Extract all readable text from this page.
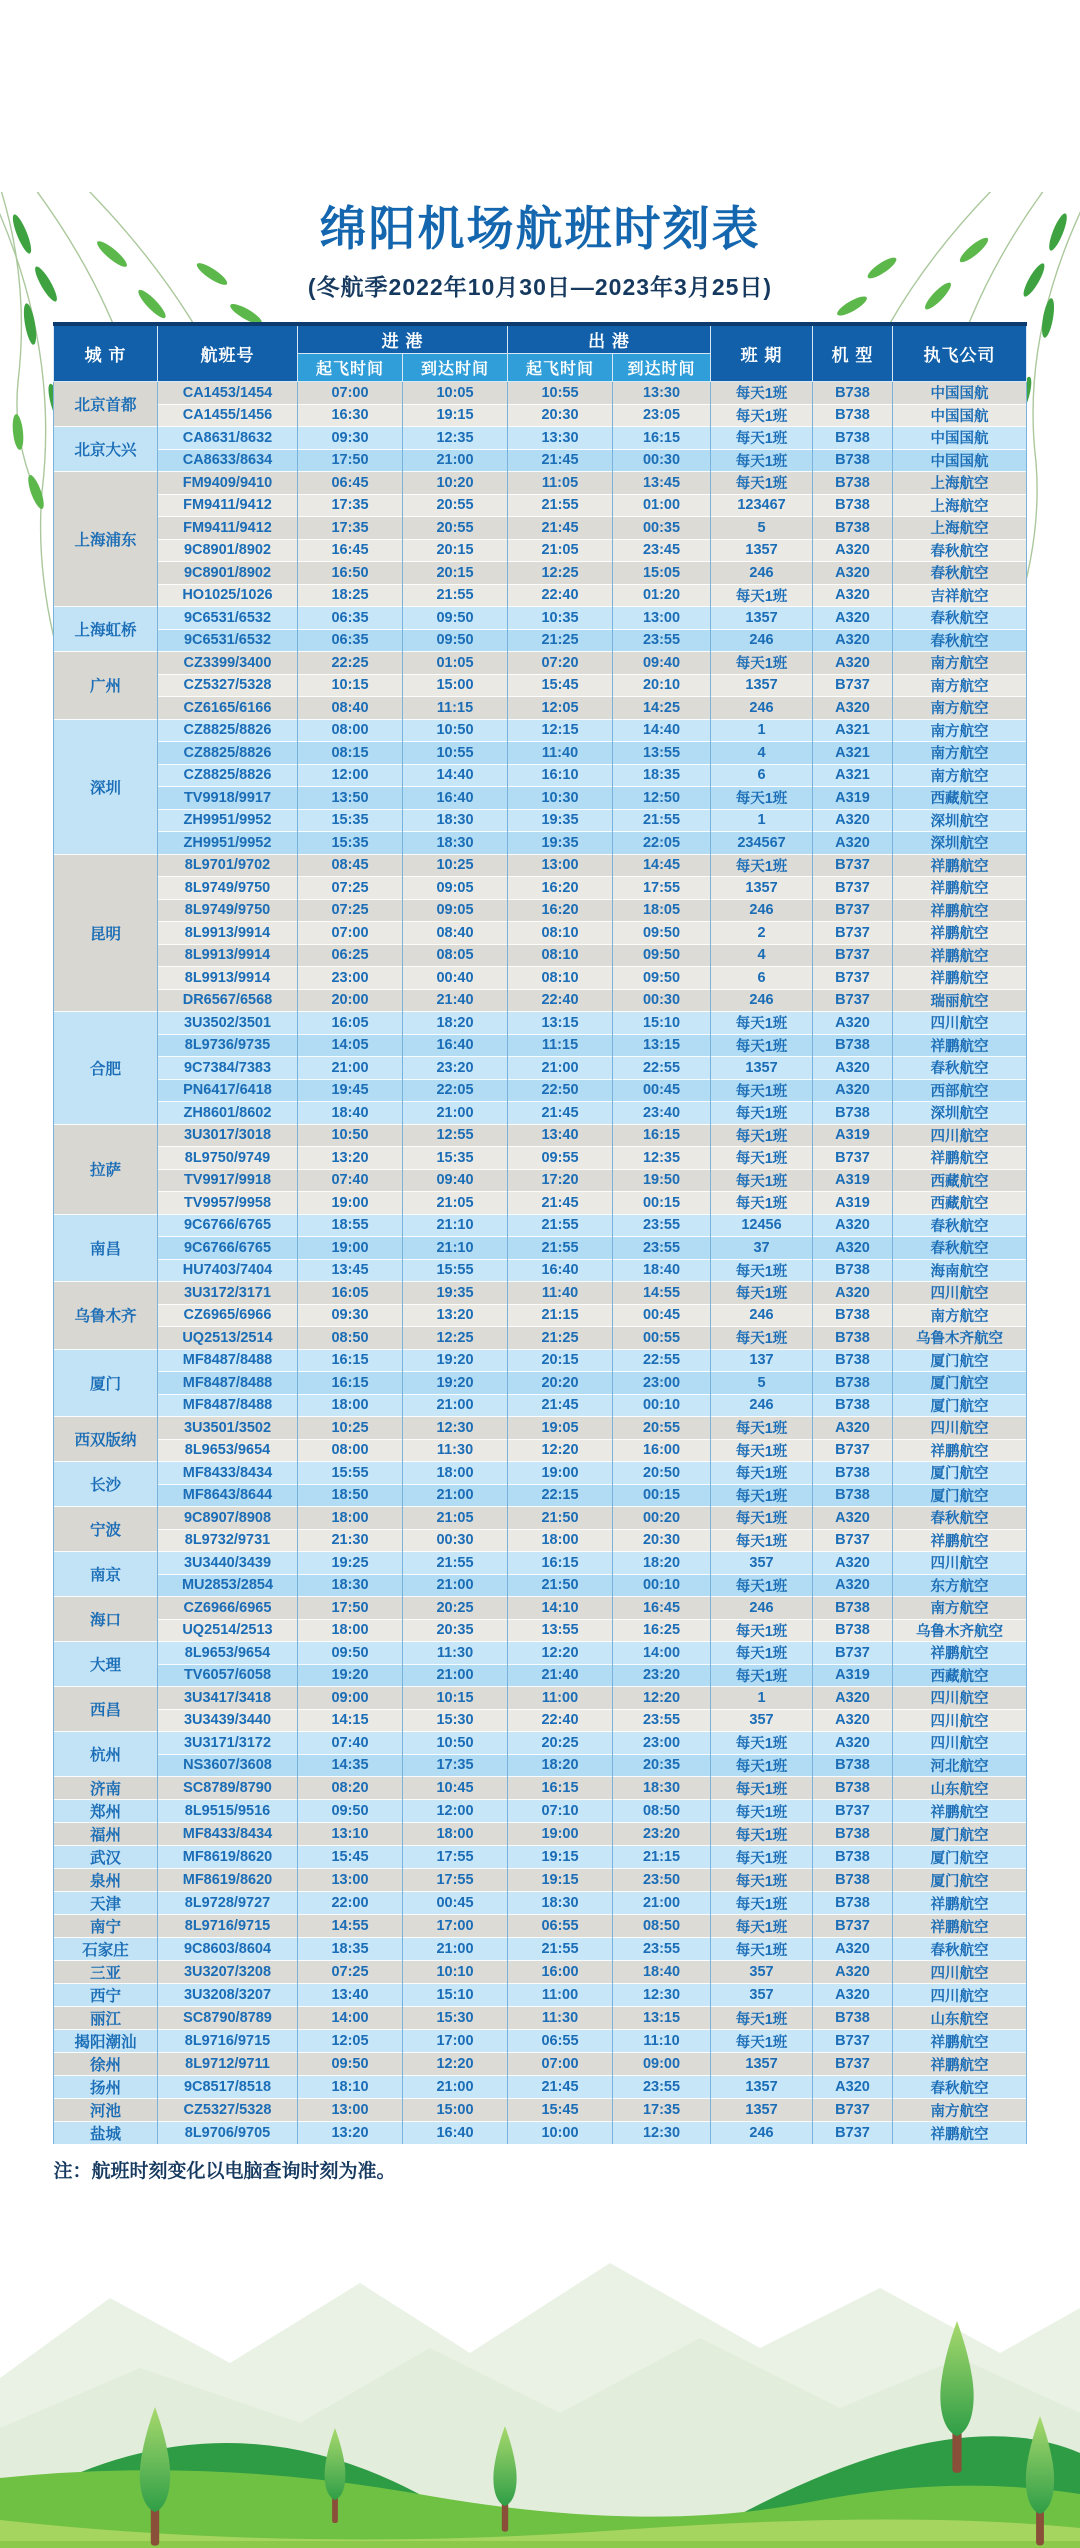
绵阳机场航班时刻表
(冬航季2022年10月30日—2023年3月25日)
城 市	航班号	进 港		出 港		班 期	机 型	执飞公司
		起飞时间	到达时间	起飞时间	到达时间			
北京首都	CA1453/1454	07:00	10:05	10:55	13:30	每天1班	B738	中国国航
	CA1455/1456	16:30	19:15	20:30	23:05	每天1班	B738	中国国航
北京大兴	CA8631/8632	09:30	12:35	13:30	16:15	每天1班	B738	中国国航
	CA8633/8634	17:50	21:00	21:45	00:30	每天1班	B738	中国国航
上海浦东	FM9409/9410	06:45	10:20	11:05	13:45	每天1班	B738	上海航空
	FM9411/9412	17:35	20:55	21:55	01:00	123467	B738	上海航空
	FM9411/9412	17:35	20:55	21:45	00:35	5	B738	上海航空
	9C8901/8902	16:45	20:15	21:05	23:45	1357	A320	春秋航空
	9C8901/8902	16:50	20:15	12:25	15:05	246	A320	春秋航空
	HO1025/1026	18:25	21:55	22:40	01:20	每天1班	A320	吉祥航空
上海虹桥	9C6531/6532	06:35	09:50	10:35	13:00	1357	A320	春秋航空
	9C6531/6532	06:35	09:50	21:25	23:55	246	A320	春秋航空
广州	CZ3399/3400	22:25	01:05	07:20	09:40	每天1班	A320	南方航空
	CZ5327/5328	10:15	15:00	15:45	20:10	1357	B737	南方航空
	CZ6165/6166	08:40	11:15	12:05	14:25	246	A320	南方航空
深圳	CZ8825/8826	08:00	10:50	12:15	14:40	1	A321	南方航空
	CZ8825/8826	08:15	10:55	11:40	13:55	4	A321	南方航空
	CZ8825/8826	12:00	14:40	16:10	18:35	6	A321	南方航空
	TV9918/9917	13:50	16:40	10:30	12:50	每天1班	A319	西藏航空
	ZH9951/9952	15:35	18:30	19:35	21:55	1	A320	深圳航空
	ZH9951/9952	15:35	18:30	19:35	22:05	234567	A320	深圳航空
昆明	8L9701/9702	08:45	10:25	13:00	14:45	每天1班	B737	祥鹏航空
	8L9749/9750	07:25	09:05	16:20	17:55	1357	B737	祥鹏航空
	8L9749/9750	07:25	09:05	16:20	18:05	246	B737	祥鹏航空
	8L9913/9914	07:00	08:40	08:10	09:50	2	B737	祥鹏航空
	8L9913/9914	06:25	08:05	08:10	09:50	4	B737	祥鹏航空
	8L9913/9914	23:00	00:40	08:10	09:50	6	B737	祥鹏航空
	DR6567/6568	20:00	21:40	22:40	00:30	246	B737	瑞丽航空
合肥	3U3502/3501	16:05	18:20	13:15	15:10	每天1班	A320	四川航空
	8L9736/9735	14:05	16:40	11:15	13:15	每天1班	B738	祥鹏航空
	9C7384/7383	21:00	23:20	21:00	22:55	1357	A320	春秋航空
	PN6417/6418	19:45	22:05	22:50	00:45	每天1班	A320	西部航空
	ZH8601/8602	18:40	21:00	21:45	23:40	每天1班	B738	深圳航空
拉萨	3U3017/3018	10:50	12:55	13:40	16:15	每天1班	A319	四川航空
	8L9750/9749	13:20	15:35	09:55	12:35	每天1班	B737	祥鹏航空
	TV9917/9918	07:40	09:40	17:20	19:50	每天1班	A319	西藏航空
	TV9957/9958	19:00	21:05	21:45	00:15	每天1班	A319	西藏航空
南昌	9C6766/6765	18:55	21:10	21:55	23:55	12456	A320	春秋航空
	9C6766/6765	19:00	21:10	21:55	23:55	37	A320	春秋航空
	HU7403/7404	13:45	15:55	16:40	18:40	每天1班	B738	海南航空
乌鲁木齐	3U3172/3171	16:05	19:35	11:40	14:55	每天1班	A320	四川航空
	CZ6965/6966	09:30	13:20	21:15	00:45	246	B738	南方航空
	UQ2513/2514	08:50	12:25	21:25	00:55	每天1班	B738	乌鲁木齐航空
厦门	MF8487/8488	16:15	19:20	20:15	22:55	137	B738	厦门航空
	MF8487/8488	16:15	19:20	20:20	23:00	5	B738	厦门航空
	MF8487/8488	18:00	21:00	21:45	00:10	246	B738	厦门航空
西双版纳	3U3501/3502	10:25	12:30	19:05	20:55	每天1班	A320	四川航空
	8L9653/9654	08:00	11:30	12:20	16:00	每天1班	B737	祥鹏航空
长沙	MF8433/8434	15:55	18:00	19:00	20:50	每天1班	B738	厦门航空
	MF8643/8644	18:50	21:00	22:15	00:15	每天1班	B738	厦门航空
宁波	9C8907/8908	18:00	21:05	21:50	00:20	每天1班	A320	春秋航空
	8L9732/9731	21:30	00:30	18:00	20:30	每天1班	B737	祥鹏航空
南京	3U3440/3439	19:25	21:55	16:15	18:20	357	A320	四川航空
	MU2853/2854	18:30	21:00	21:50	00:10	每天1班	A320	东方航空
海口	CZ6966/6965	17:50	20:25	14:10	16:45	246	B738	南方航空
	UQ2514/2513	18:00	20:35	13:55	16:25	每天1班	B738	乌鲁木齐航空
大理	8L9653/9654	09:50	11:30	12:20	14:00	每天1班	B737	祥鹏航空
	TV6057/6058	19:20	21:00	21:40	23:20	每天1班	A319	西藏航空
西昌	3U3417/3418	09:00	10:15	11:00	12:20	1	A320	四川航空
	3U3439/3440	14:15	15:30	22:40	23:55	357	A320	四川航空
杭州	3U3171/3172	07:40	10:50	20:25	23:00	每天1班	A320	四川航空
	NS3607/3608	14:35	17:35	18:20	20:35	每天1班	B738	河北航空
济南	SC8789/8790	08:20	10:45	16:15	18:30	每天1班	B738	山东航空
郑州	8L9515/9516	09:50	12:00	07:10	08:50	每天1班	B737	祥鹏航空
福州	MF8433/8434	13:10	18:00	19:00	23:20	每天1班	B738	厦门航空
武汉	MF8619/8620	15:45	17:55	19:15	21:15	每天1班	B738	厦门航空
泉州	MF8619/8620	13:00	17:55	19:15	23:50	每天1班	B738	厦门航空
天津	8L9728/9727	22:00	00:45	18:30	21:00	每天1班	B738	祥鹏航空
南宁	8L9716/9715	14:55	17:00	06:55	08:50	每天1班	B737	祥鹏航空
石家庄	9C8603/8604	18:35	21:00	21:55	23:55	每天1班	A320	春秋航空
三亚	3U3207/3208	07:25	10:10	16:00	18:40	357	A320	四川航空
西宁	3U3208/3207	13:40	15:10	11:00	12:30	357	A320	四川航空
丽江	SC8790/8789	14:00	15:30	11:30	13:15	每天1班	B738	山东航空
揭阳潮汕	8L9716/9715	12:05	17:00	06:55	11:10	每天1班	B737	祥鹏航空
徐州	8L9712/9711	09:50	12:20	07:00	09:00	1357	B737	祥鹏航空
扬州	9C8517/8518	18:10	21:00	21:45	23:55	1357	A320	春秋航空
河池	CZ5327/5328	13:00	15:00	15:45	17:35	1357	B737	南方航空
盐城	8L9706/9705	13:20	16:40	10:00	12:30	246	B737	祥鹏航空
注：航班时刻变化以电脑查询时刻为准。
